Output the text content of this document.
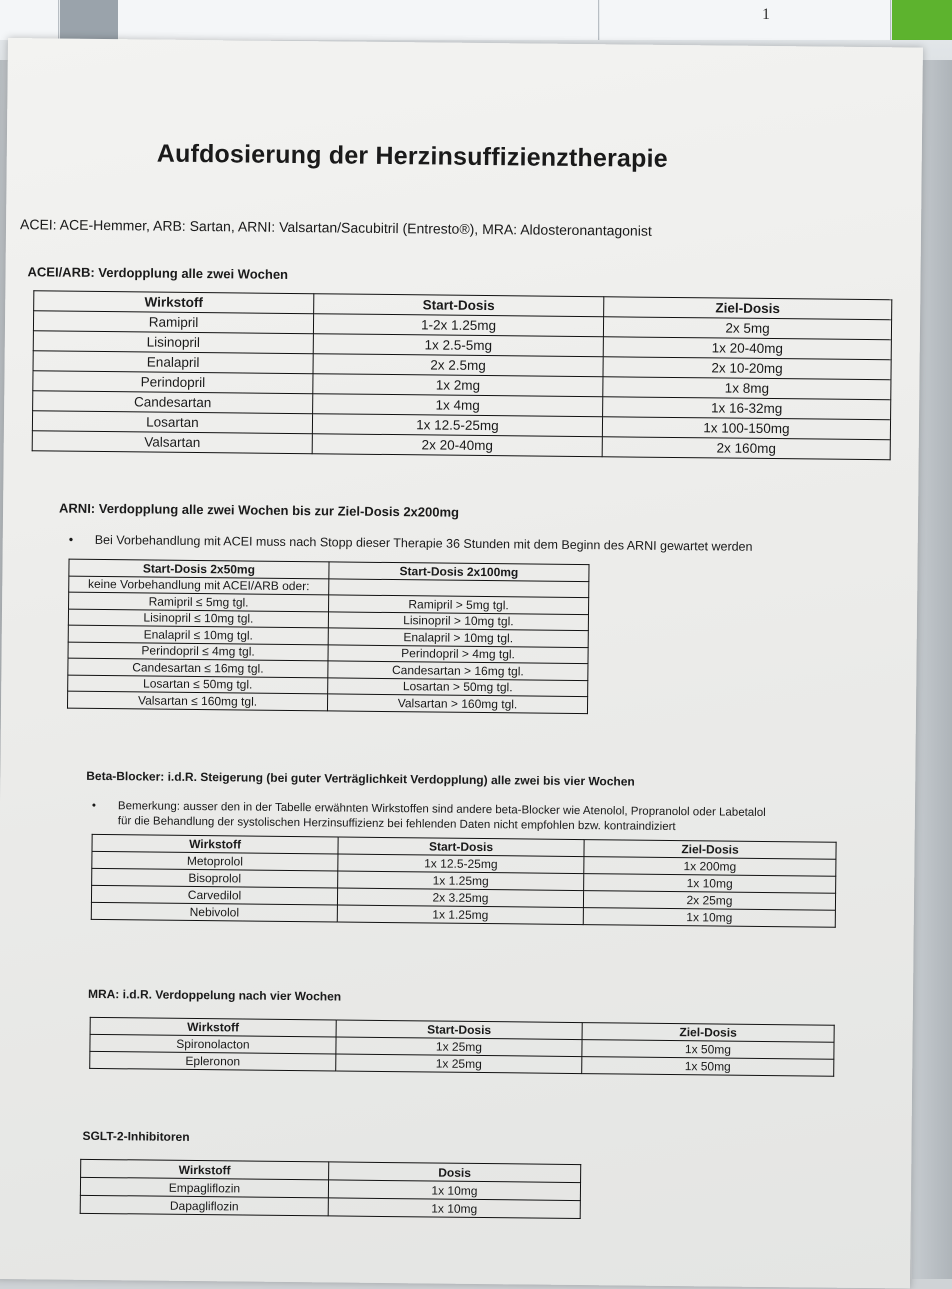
1
Aufdosierung der Herzinsuffizienztherapie
ACEI: ACE-Hemmer, ARB: Sartan, ARNI: Valsartan/Sacubitril (Entresto®), MRA: Aldosteronantagonist
ACEI/ARB: Verdopplung alle zwei Wochen
Wirkstoff	Start-Dosis	Ziel-Dosis
Ramipril	1-2x 1.25mg	2x 5mg
Lisinopril	1x 2.5-5mg	1x 20-40mg
Enalapril	2x 2.5mg	2x 10-20mg
Perindopril	1x 2mg	1x 8mg
Candesartan	1x 4mg	1x 16-32mg
Losartan	1x 12.5-25mg	1x 100-150mg
Valsartan	2x 20-40mg	2x 160mg
ARNI: Verdopplung alle zwei Wochen bis zur Ziel-Dosis 2x200mg
• Bei Vorbehandlung mit ACEI muss nach Stopp dieser Therapie 36 Stunden mit dem Beginn des ARNI gewartet werden
Start-Dosis 2x50mg	Start-Dosis 2x100mg
keine Vorbehandlung mit ACEI/ARB oder:	
Ramipril ≤ 5mg tgl.	Ramipril > 5mg tgl.
Lisinopril ≤ 10mg tgl.	Lisinopril > 10mg tgl.
Enalapril ≤ 10mg tgl.	Enalapril > 10mg tgl.
Perindopril ≤ 4mg tgl.	Perindopril > 4mg tgl.
Candesartan ≤ 16mg tgl.	Candesartan > 16mg tgl.
Losartan ≤ 50mg tgl.	Losartan > 50mg tgl.
Valsartan ≤ 160mg tgl.	Valsartan > 160mg tgl.
Beta-Blocker: i.d.R. Steigerung (bei guter Verträglichkeit Verdopplung) alle zwei bis vier Wochen
• Bemerkung: ausser den in der Tabelle erwähnten Wirkstoffen sind andere beta-Blocker wie Atenolol, Propranolol oder Labetalol
für die Behandlung der systolischen Herzinsuffizienz bei fehlenden Daten nicht empfohlen bzw. kontraindiziert
Wirkstoff	Start-Dosis	Ziel-Dosis
Metoprolol	1x 12.5-25mg	1x 200mg
Bisoprolol	1x 1.25mg	1x 10mg
Carvedilol	2x 3.25mg	2x 25mg
Nebivolol	1x 1.25mg	1x 10mg
MRA: i.d.R. Verdoppelung nach vier Wochen
Wirkstoff	Start-Dosis	Ziel-Dosis
Spironolacton	1x 25mg	1x 50mg
Epleronon	1x 25mg	1x 50mg
SGLT-2-Inhibitoren
Wirkstoff	Dosis
Empagliflozin	1x 10mg
Dapagliflozin	1x 10mg
